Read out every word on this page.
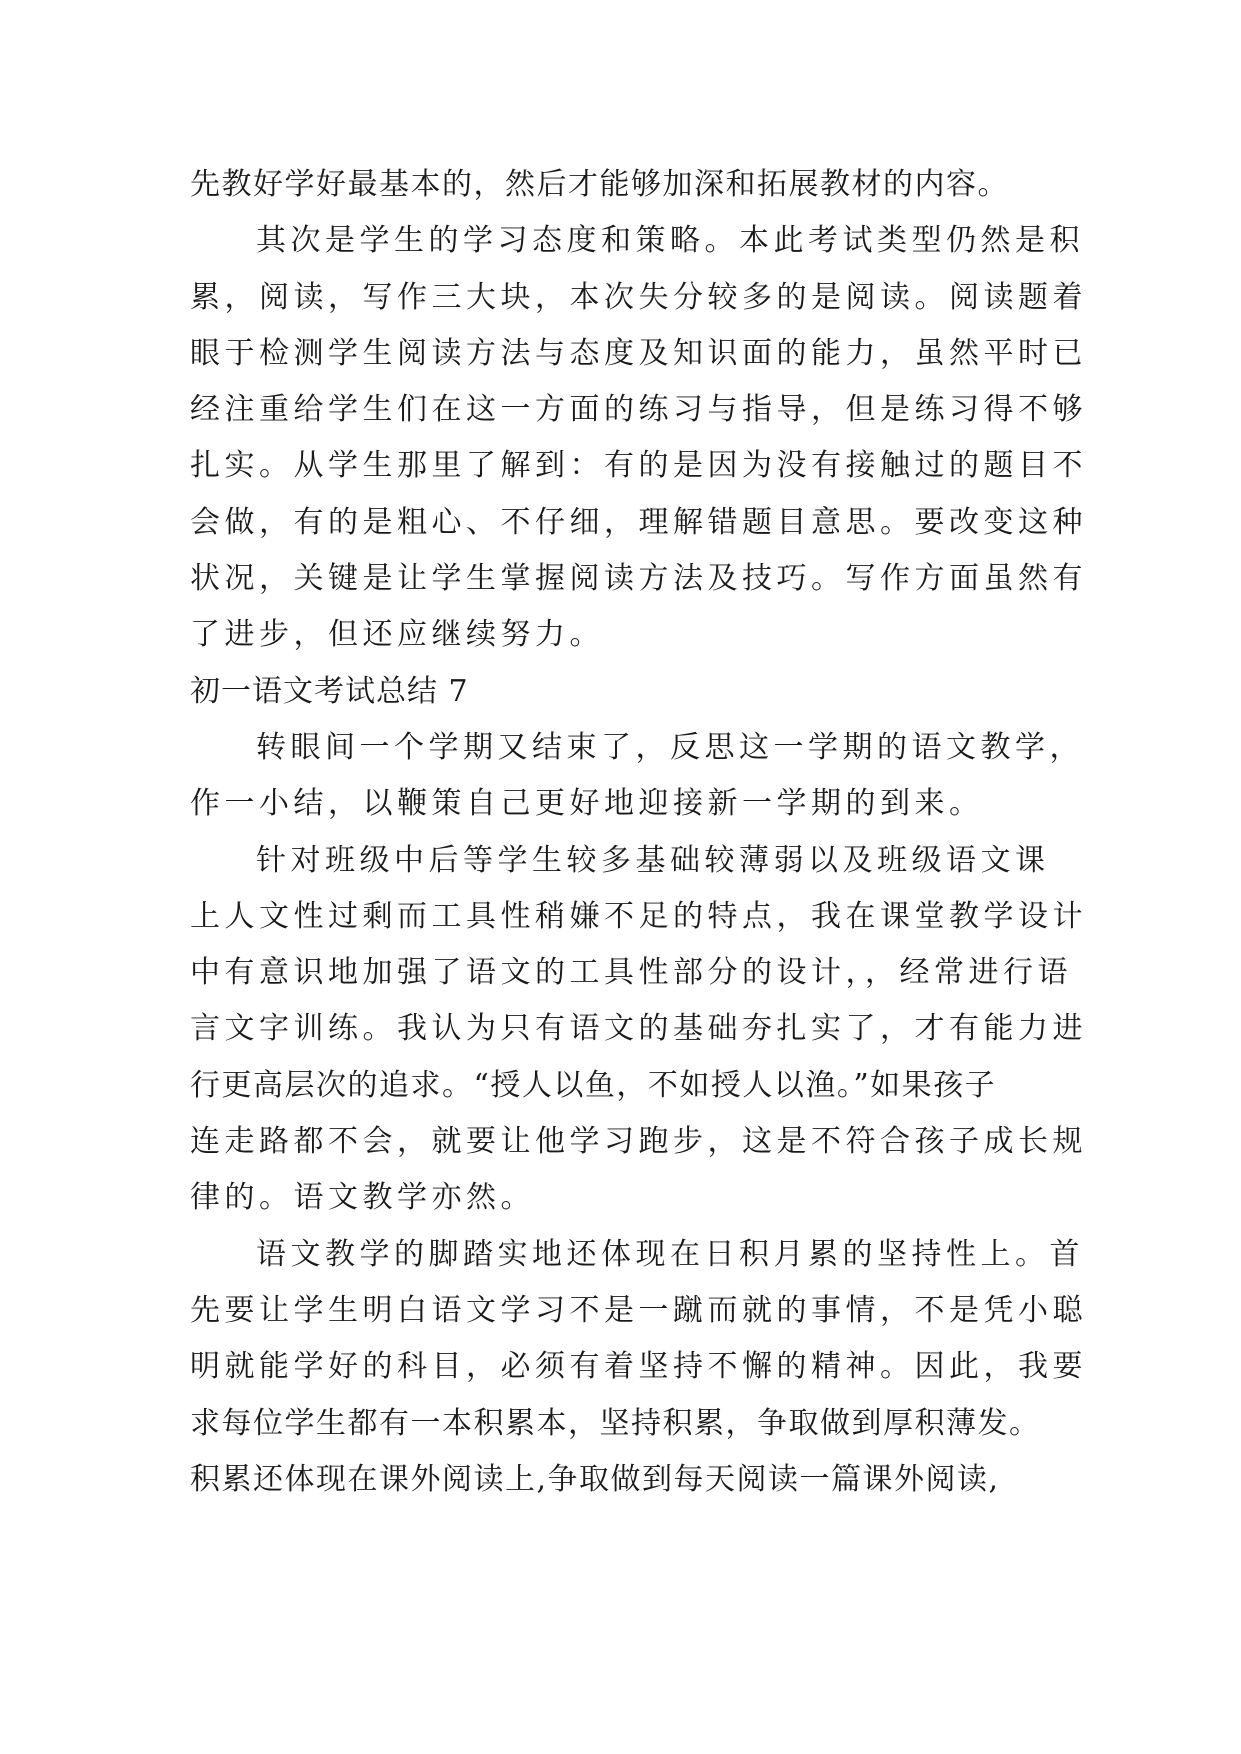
先教好学好最基本的，然后才能够加深和拓展教材的内容。

其次是学生的学习态度和策略。本此考试类型仍然是积
累，阅读，写作三大块，本次失分较多的是阅读。阅读题着
眼于检测学生阅读方法与态度及知识面的能力，虽然平时已
经注重给学生们在这一方面的练习与指导，但是练习得不够
扎实。从学生那里了解到：有的是因为没有接触过的题目不
会做，有的是粗心、不仔细，理解错题目意思。要改变这种
状况，关键是让学生掌握阅读方法及技巧。写作方面虽然有
了进步，但还应继续努力。

初一语文考试总结 7

转眼间一个学期又结束了，反思这一学期的语文教学，
作一小结，以鞭策自己更好地迎接新一学期的到来。

针对班级中后等学生较多基础较薄弱以及班级语文课
上人文性过剩而工具性稍嫌不足的特点，我在课堂教学设计
中有意识地加强了语文的工具性部分的设计，，经常进行语
言文字训练。我认为只有语文的基础夯扎实了，才有能力进
行更高层次的追求。“授人以鱼，不如授人以渔。”如果孩子
连走路都不会，就要让他学习跑步，这是不符合孩子成长规
律的。语文教学亦然。

语文教学的脚踏实地还体现在日积月累的坚持性上。首
先要让学生明白语文学习不是一蹴而就的事情，不是凭小聪
明就能学好的科目，必须有着坚持不懈的精神。因此，我要
求每位学生都有一本积累本，坚持积累，争取做到厚积薄发。
积累还体现在课外阅读上,争取做到每天阅读一篇课外阅读,
